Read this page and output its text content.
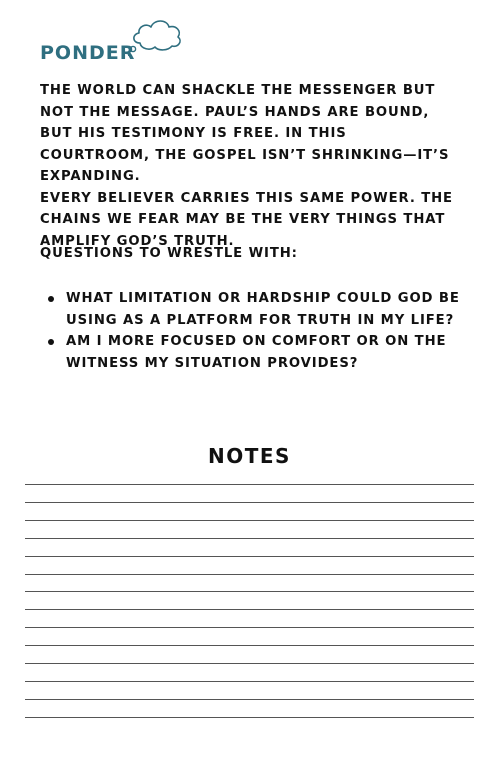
PONDER

THE WORLD CAN SHACKLE THE MESSENGER BUT NOT THE MESSAGE. PAUL’S HANDS ARE BOUND, BUT HIS TESTIMONY IS FREE. IN THIS COURTROOM, THE GOSPEL ISN’T SHRINKING—IT’S EXPANDING.

EVERY BELIEVER CARRIES THIS SAME POWER. THE CHAINS WE FEAR MAY BE THE VERY THINGS THAT AMPLIFY GOD’S TRUTH.

QUESTIONS TO WRESTLE WITH:

WHAT LIMITATION OR HARDSHIP COULD GOD BE USING AS A PLATFORM FOR TRUTH IN MY LIFE?
AM I MORE FOCUSED ON COMFORT OR ON THE WITNESS MY SITUATION PROVIDES?

NOTES
